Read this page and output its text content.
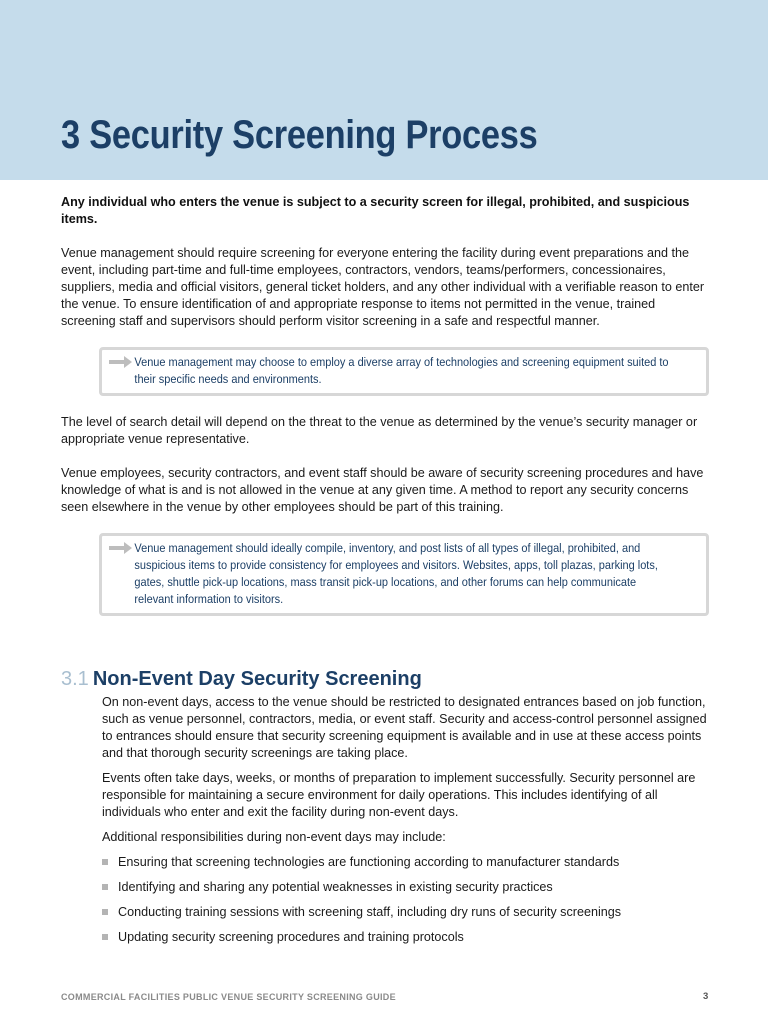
3 Security Screening Process

Any individual who enters the venue is subject to a security screen for illegal, prohibited, and suspicious items.

Venue management should require screening for everyone entering the facility during event preparations and the event, including part-time and full-time employees, contractors, vendors, teams/performers, concessionaires, suppliers, media and official visitors, general ticket holders, and any other individual with a verifiable reason to enter the venue. To ensure identification of and appropriate response to items not permitted in the venue, trained screening staff and supervisors should perform visitor screening in a safe and respectful manner.

Venue management may choose to employ a diverse array of technologies and screening equipment suited to their specific needs and environments.

The level of search detail will depend on the threat to the venue as determined by the venue’s security manager or appropriate venue representative.

Venue employees, security contractors, and event staff should be aware of security screening procedures and have knowledge of what is and is not allowed in the venue at any given time. A method to report any security concerns seen elsewhere in the venue by other employees should be part of this training.

Venue management should ideally compile, inventory, and post lists of all types of illegal, prohibited, and suspicious items to provide consistency for employees and visitors. Websites, apps, toll plazas, parking lots, gates, shuttle pick-up locations, mass transit pick-up locations, and other forums can help communicate relevant information to visitors.
3.1 Non-Event Day Security Screening

On non-event days, access to the venue should be restricted to designated entrances based on job function, such as venue personnel, contractors, media, or event staff. Security and access-control personnel assigned to entrances should ensure that security screening equipment is available and in use at these access points and that thorough security screenings are taking place.

Events often take days, weeks, or months of preparation to implement successfully. Security personnel are responsible for maintaining a secure environment for daily operations. This includes identifying of all individuals who enter and exit the facility during non-event days.

Additional responsibilities during non-event days may include:

Ensuring that screening technologies are functioning according to manufacturer standards
Identifying and sharing any potential weaknesses in existing security practices
Conducting training sessions with screening staff, including dry runs of security screenings
Updating security screening procedures and training protocols
COMMERCIAL FACILITIES PUBLIC VENUE SECURITY SCREENING GUIDE	3
